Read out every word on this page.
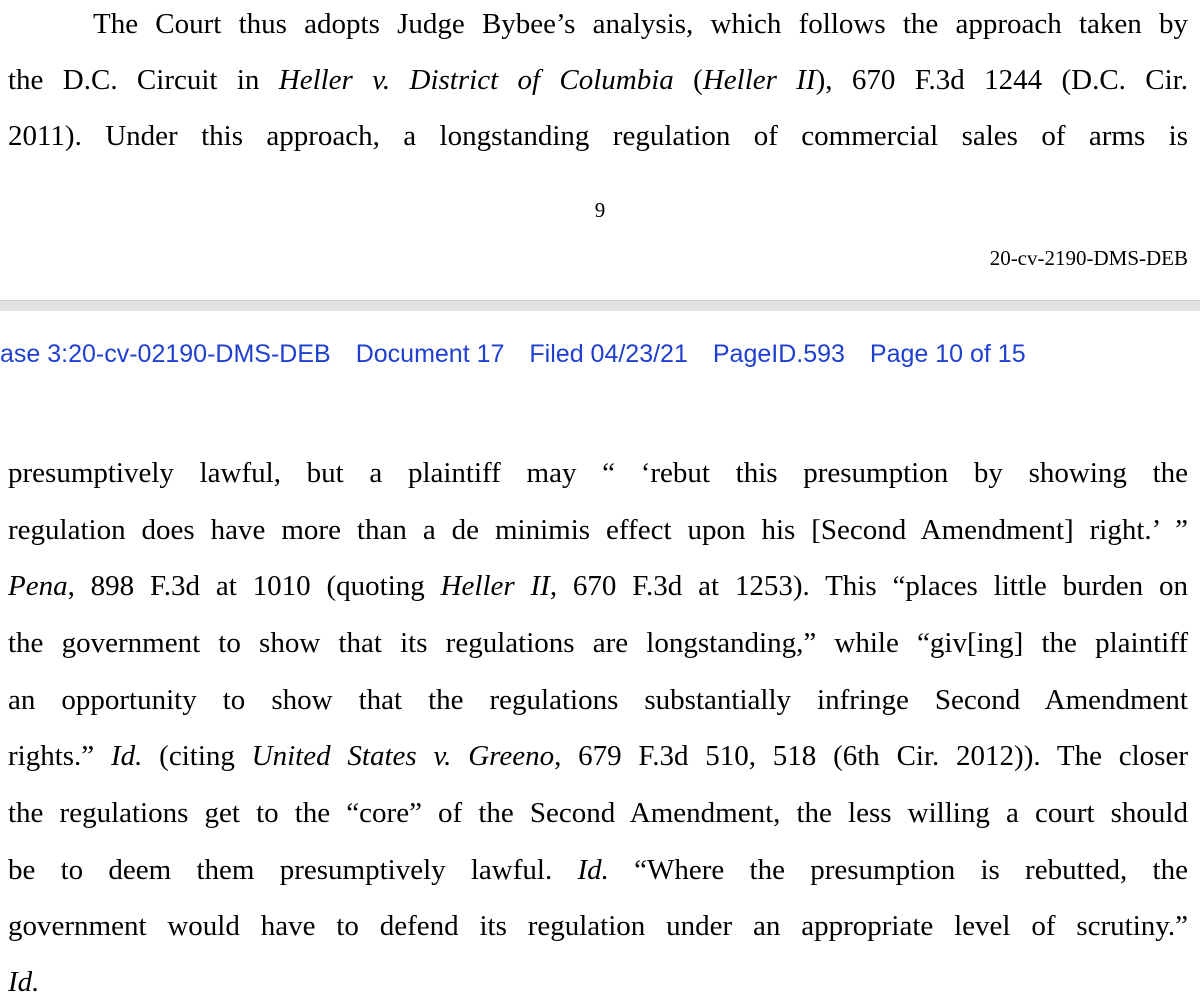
The Court thus adopts Judge Bybee’s analysis, which follows the approach taken by
the D.C. Circuit in Heller v. District of Columbia (Heller II), 670 F.3d 1244 (D.C. Cir.
2011). Under this approach, a longstanding regulation of commercial sales of arms is
9
20-cv-2190-DMS-DEB
ase 3:20-cv-02190-DMS-DEB Document 17 Filed 04/23/21 PageID.593 Page 10 of 15
presumptively lawful, but a plaintiff may “ ‘rebut this presumption by showing the
regulation does have more than a de minimis effect upon his [Second Amendment] right.’ ”
Pena, 898 F.3d at 1010 (quoting Heller II, 670 F.3d at 1253). This “places little burden on
the government to show that its regulations are longstanding,” while “giv[ing] the plaintiff
an opportunity to show that the regulations substantially infringe Second Amendment
rights.” Id. (citing United States v. Greeno, 679 F.3d 510, 518 (6th Cir. 2012)). The closer
the regulations get to the “core” of the Second Amendment, the less willing a court should
be to deem them presumptively lawful. Id. “Where the presumption is rebutted, the
government would have to defend its regulation under an appropriate level of scrutiny.”
Id.
